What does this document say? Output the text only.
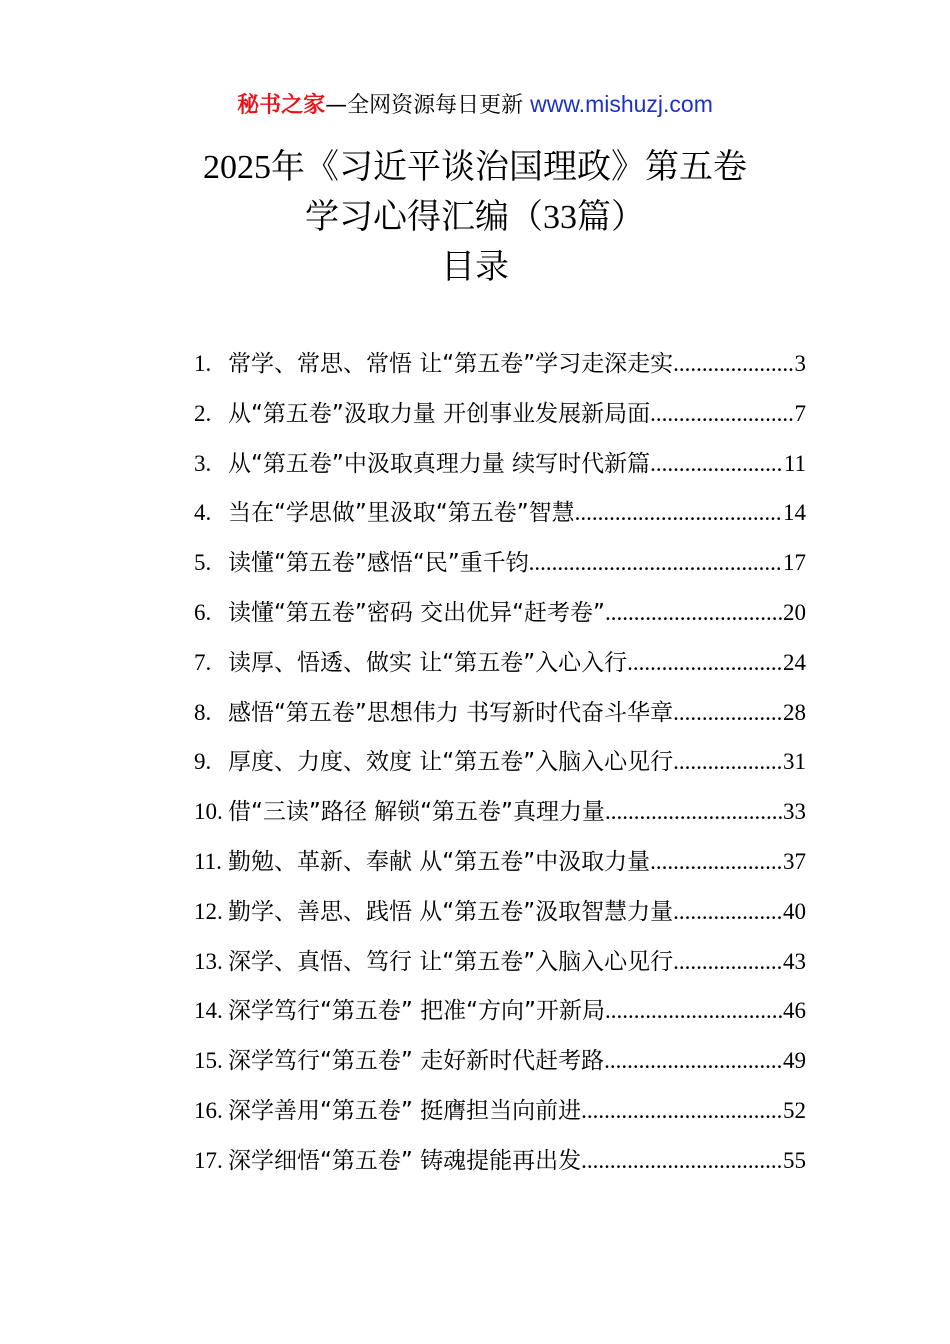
秘书之家—全网资源每日更新 www.mishuzj.com
2025年《习近平谈治国理政》第五卷
学习心得汇编（33篇）
目录
1. 常学、常思、常悟 让“第五卷”学习走深走实 .....	3
2. 从“第五卷”汲取力量 开创事业发展新局面 .....	7
3. 从“第五卷”中汲取真理力量 续写时代新篇 .....	11
4. 当在“学思做”里汲取“第五卷”智慧 .....	14
5. 读懂“第五卷”感悟“民”重千钧 .....	17
6. 读懂“第五卷”密码 交出优异“赶考卷” .....	20
7. 读厚、悟透、做实 让“第五卷”入心入行 .....	24
8. 感悟“第五卷”思想伟力 书写新时代奋斗华章 .....	28
9. 厚度、力度、效度 让“第五卷”入脑入心见行 .....	31
10. 借“三读”路径 解锁“第五卷”真理力量 .....	33
11. 勤勉、革新、奉献 从“第五卷”中汲取力量 .....	37
12. 勤学、善思、践悟 从“第五卷”汲取智慧力量 .....	40
13. 深学、真悟、笃行 让“第五卷”入脑入心见行 .....	43
14. 深学笃行“第五卷” 把准“方向”开新局 .....	46
15. 深学笃行“第五卷” 走好新时代赶考路 .....	49
16. 深学善用“第五卷” 挺膺担当向前进 .....	52
17. 深学细悟“第五卷” 铸魂提能再出发 .....	55
